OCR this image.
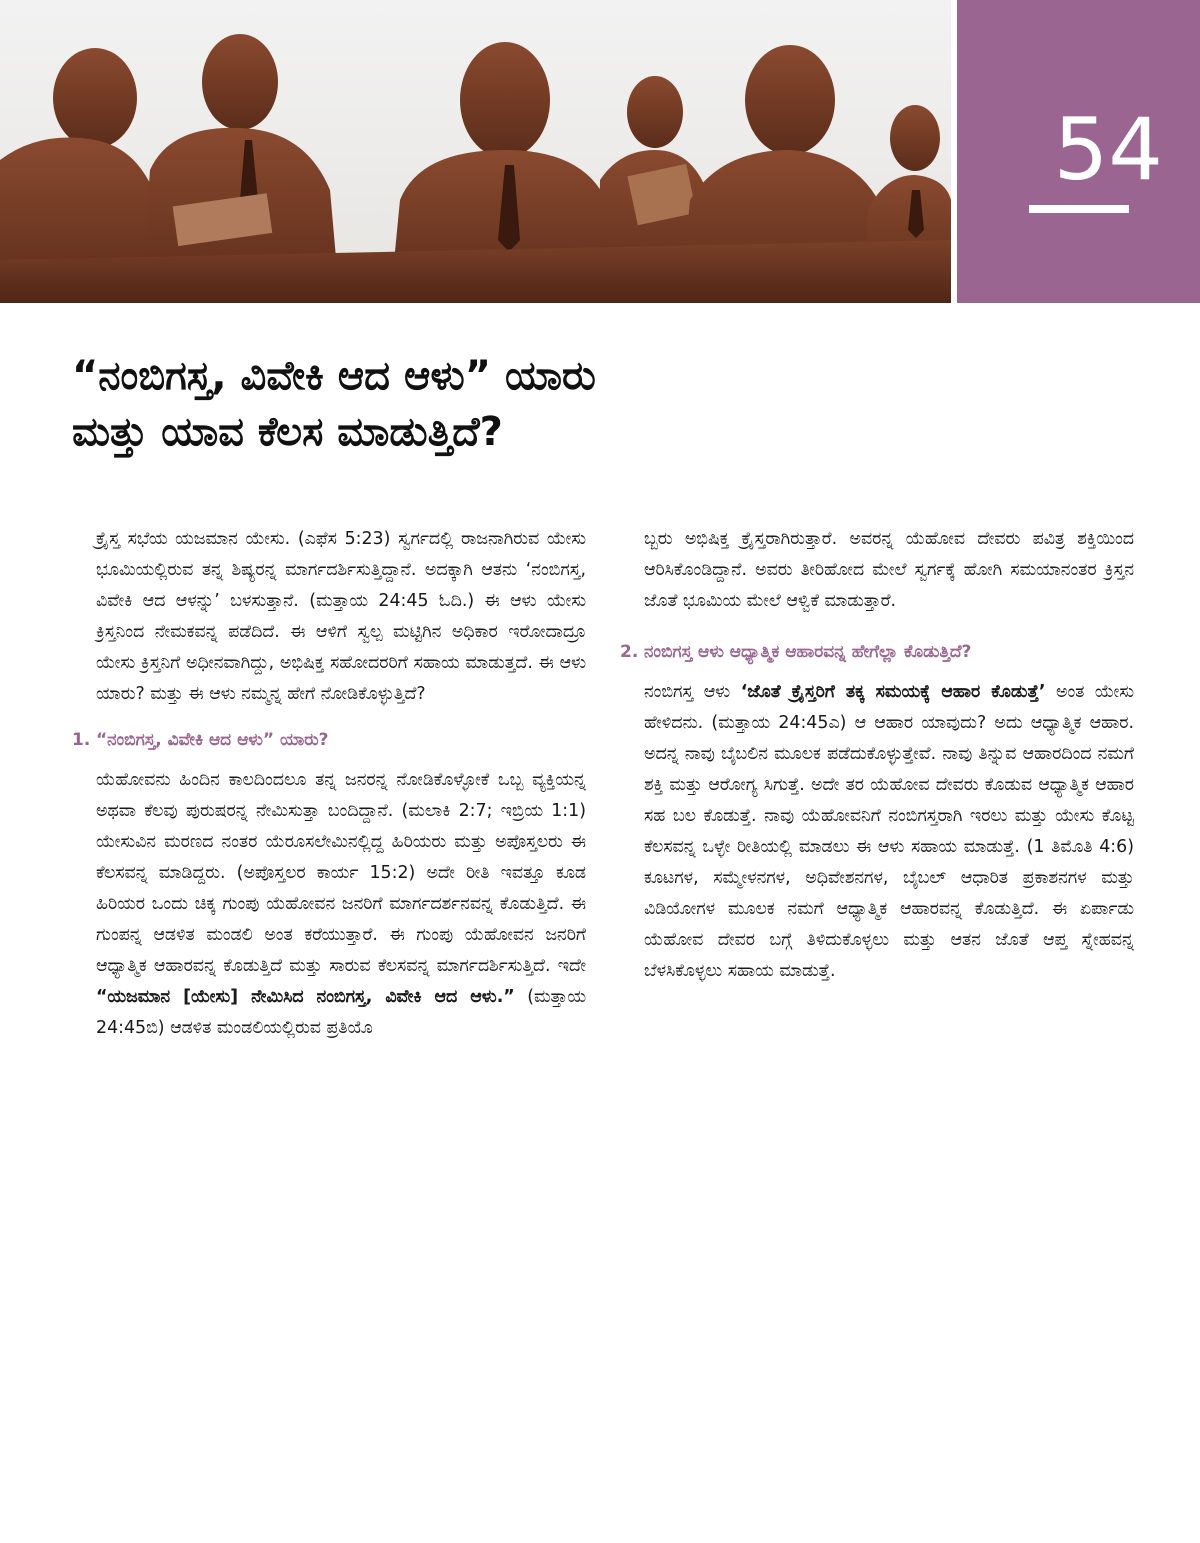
54
“ನಂಬಿಗಸ್ತ, ವಿವೇಕಿ ಆದ ಆಳು” ಯಾರು
ಮತ್ತು ಯಾವ ಕೆಲಸ ಮಾಡುತ್ತಿದೆ?

ಕ್ರೈಸ್ತ ಸಭೆಯ ಯಜಮಾನ ಯೇಸು. (ಎಫೆಸ 5:23) ಸ್ವರ್ಗದಲ್ಲಿ ರಾಜನಾಗಿರುವ ಯೇಸು ಭೂಮಿಯಲ್ಲಿರುವ ತನ್ನ ಶಿಷ್ಯರನ್ನ ಮಾರ್ಗದರ್ಶಿಸುತ್ತಿದ್ದಾನೆ. ಅದಕ್ಕಾಗಿ ಆತನು ‘ನಂಬಿಗಸ್ತ, ವಿವೇಕಿ ಆದ ಆಳನ್ನು’ ಬಳಸುತ್ತಾನೆ. (ಮತ್ತಾಯ 24:45 ಓದಿ.) ಈ ಆಳು ಯೇಸು ಕ್ರಿಸ್ತನಿಂದ ನೇಮಕವನ್ನ ಪಡೆದಿದೆ. ಈ ಆಳಿಗೆ ಸ್ವಲ್ಪ ಮಟ್ಟಿಗಿನ ಅಧಿಕಾರ ಇರೋದಾದ್ರೂ ಯೇಸು ಕ್ರಿಸ್ತನಿಗೆ ಅಧೀನವಾಗಿದ್ದು, ಅಭಿಷಿಕ್ತ ಸಹೋದರರಿಗೆ ಸಹಾಯ ಮಾಡುತ್ತದೆ. ಈ ಆಳು ಯಾರು? ಮತ್ತು ಈ ಆಳು ನಮ್ಮನ್ನ ಹೇಗೆ ನೋಡಿಕೊಳ್ಳುತ್ತಿದೆ?

1. “ನಂಬಿಗಸ್ತ, ವಿವೇಕಿ ಆದ ಆಳು” ಯಾರು?

ಯೆಹೋವನು ಹಿಂದಿನ ಕಾಲದಿಂದಲೂ ತನ್ನ ಜನರನ್ನ ನೋಡಿಕೊಳ್ಳೋಕೆ ಒಬ್ಬ ವ್ಯಕ್ತಿಯನ್ನ ಅಥವಾ ಕೆಲವು ಪುರುಷರನ್ನ ನೇಮಿಸುತ್ತಾ ಬಂದಿದ್ದಾನೆ. (ಮಲಾಕಿ 2:7; ಇಬ್ರಿಯ 1:1) ಯೇಸುವಿನ ಮರಣದ ನಂತರ ಯೆರೂಸಲೇಮಿನಲ್ಲಿದ್ದ ಹಿರಿಯರು ಮತ್ತು ಅಪೊಸ್ತಲರು ಈ ಕೆಲಸವನ್ನ ಮಾಡಿದ್ದರು. (ಅಪೊಸ್ತಲರ ಕಾರ್ಯ 15:2) ಅದೇ ರೀತಿ ಇವತ್ತೂ ಕೂಡ ಹಿರಿಯರ ಒಂದು ಚಿಕ್ಕ ಗುಂಪು ಯೆಹೋವನ ಜನರಿಗೆ ಮಾರ್ಗದರ್ಶನವನ್ನ ಕೊಡುತ್ತಿದೆ. ಈ ಗುಂಪನ್ನ ಆಡಳಿತ ಮಂಡಲಿ ಅಂತ ಕರೆಯುತ್ತಾರೆ. ಈ ಗುಂಪು ಯೆಹೋವನ ಜನರಿಗೆ ಆಧ್ಯಾತ್ಮಿಕ ಆಹಾರವನ್ನ ಕೊಡುತ್ತಿದೆ ಮತ್ತು ಸಾರುವ ಕೆಲಸವನ್ನ ಮಾರ್ಗದರ್ಶಿಸುತ್ತಿದೆ. ಇದೇ “ಯಜಮಾನ [ಯೇಸು] ನೇಮಿಸಿದ ನಂಬಿಗಸ್ತ, ವಿವೇಕಿ ಆದ ಆಳು.” (ಮತ್ತಾಯ 24:45ಬಿ) ಆಡಳಿತ ಮಂಡಲಿಯಲ್ಲಿರುವ ಪ್ರತಿಯೊ

ಬ್ಬರು ಅಭಿಷಿಕ್ತ ಕ್ರೈಸ್ತರಾಗಿರುತ್ತಾರೆ. ಅವರನ್ನ ಯೆಹೋವ ದೇವರು ಪವಿತ್ರ ಶಕ್ತಿಯಿಂದ ಆರಿಸಿಕೊಂಡಿದ್ದಾನೆ. ಅವರು ತೀರಿಹೋದ ಮೇಲೆ ಸ್ವರ್ಗಕ್ಕೆ ಹೋಗಿ ಸಮಯಾನಂತರ ಕ್ರಿಸ್ತನ ಜೊತೆ ಭೂಮಿಯ ಮೇಲೆ ಆಳ್ವಿಕೆ ಮಾಡುತ್ತಾರೆ.

2. ನಂಬಿಗಸ್ತ ಆಳು ಆಧ್ಯಾತ್ಮಿಕ ಆಹಾರವನ್ನ ಹೇಗೆಲ್ಲಾ ಕೊಡುತ್ತಿದೆ?

ನಂಬಿಗಸ್ತ ಆಳು ‘ಜೊತೆ ಕ್ರೈಸ್ತರಿಗೆ ತಕ್ಕ ಸಮಯಕ್ಕೆ ಆಹಾರ ಕೊಡುತ್ತೆ’ ಅಂತ ಯೇಸು ಹೇಳಿದನು. (ಮತ್ತಾಯ 24:45ಎ) ಆ ಆಹಾರ ಯಾವುದು? ಅದು ಆಧ್ಯಾತ್ಮಿಕ ಆಹಾರ. ಅದನ್ನ ನಾವು ಬೈಬಲಿನ ಮೂಲಕ ಪಡೆದುಕೊಳ್ಳುತ್ತೇವೆ. ನಾವು ತಿನ್ನುವ ಆಹಾರದಿಂದ ನಮಗೆ ಶಕ್ತಿ ಮತ್ತು ಆರೋಗ್ಯ ಸಿಗುತ್ತೆ. ಅದೇ ತರ ಯೆಹೋವ ದೇವರು ಕೊಡುವ ಆಧ್ಯಾತ್ಮಿಕ ಆಹಾರ ಸಹ ಬಲ ಕೊಡುತ್ತೆ. ನಾವು ಯೆಹೋವನಿಗೆ ನಂಬಿಗಸ್ತರಾಗಿ ಇರಲು ಮತ್ತು ಯೇಸು ಕೊಟ್ಟ ಕೆಲಸವನ್ನ ಒಳ್ಳೇ ರೀತಿಯಲ್ಲಿ ಮಾಡಲು ಈ ಆಳು ಸಹಾಯ ಮಾಡುತ್ತೆ. (1 ತಿಮೊತಿ 4:6) ಕೂಟಗಳ, ಸಮ್ಮೇಳನಗಳ, ಅಧಿವೇಶನಗಳ, ಬೈಬಲ್ ಆಧಾರಿತ ಪ್ರಕಾಶನಗಳ ಮತ್ತು ವಿಡಿಯೋಗಳ ಮೂಲಕ ನಮಗೆ ಆಧ್ಯಾತ್ಮಿಕ ಆಹಾರವನ್ನ ಕೊಡುತ್ತಿದೆ. ಈ ಏರ್ಪಾಡು ಯೆಹೋವ ದೇವರ ಬಗ್ಗೆ ತಿಳಿದುಕೊಳ್ಳಲು ಮತ್ತು ಆತನ ಜೊತೆ ಆಪ್ತ ಸ್ನೇಹವನ್ನ ಬೆಳಸಿಕೊಳ್ಳಲು ಸಹಾಯ ಮಾಡುತ್ತೆ.
